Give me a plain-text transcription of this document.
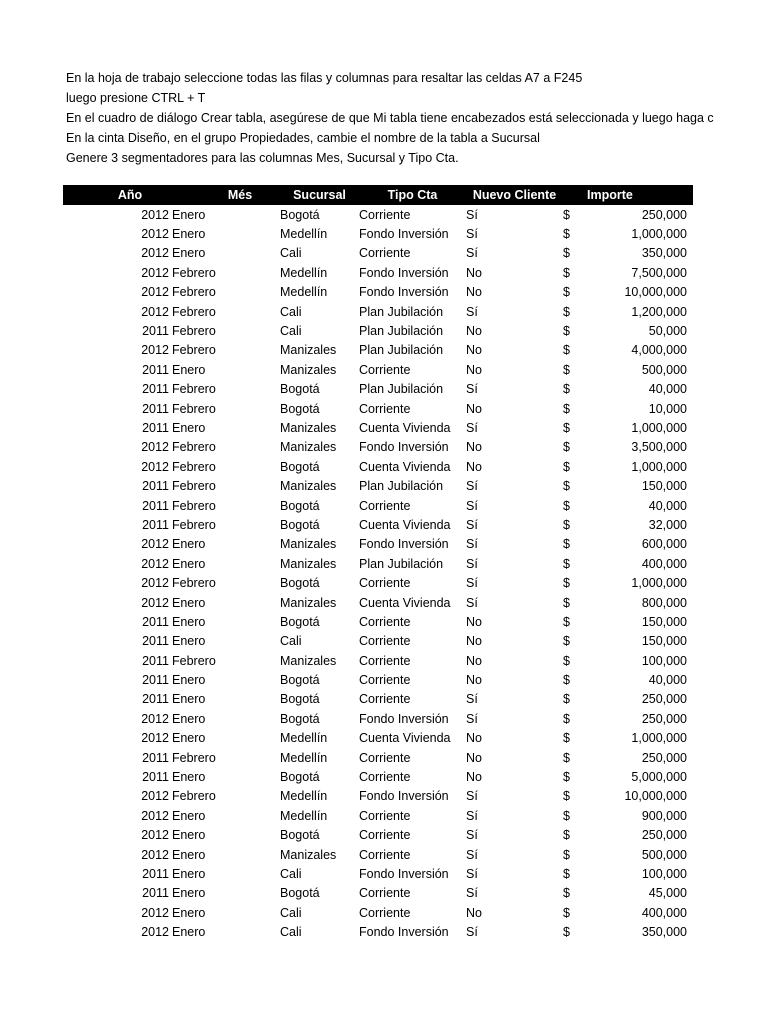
En la hoja de trabajo seleccione todas las filas y columnas para resaltar las celdas A7 a F245
luego presione CTRL + T
En el cuadro de diálogo Crear tabla, asegúrese de que Mi tabla tiene encabezados está seleccionada y luego haga c
En la cinta Diseño, en el grupo Propiedades, cambie el nombre de la tabla a Sucursal
Genere 3 segmentadores para las columnas Mes, Sucursal y Tipo Cta.
Año	Més	Sucursal	Tipo Cta	Nuevo Cliente		Importe
2012	Enero	Bogotá	Corriente	Sí	$	250,000
2012	Enero	Medellín	Fondo Inversión	Sí	$	1,000,000
2012	Enero	Cali	Corriente	Sí	$	350,000
2012	Febrero	Medellín	Fondo Inversión	No	$	7,500,000
2012	Febrero	Medellín	Fondo Inversión	No	$	10,000,000
2012	Febrero	Cali	Plan Jubilación	Sí	$	1,200,000
2011	Febrero	Cali	Plan Jubilación	No	$	50,000
2012	Febrero	Manizales	Plan Jubilación	No	$	4,000,000
2011	Enero	Manizales	Corriente	No	$	500,000
2011	Febrero	Bogotá	Plan Jubilación	Sí	$	40,000
2011	Febrero	Bogotá	Corriente	No	$	10,000
2011	Enero	Manizales	Cuenta Vivienda	Sí	$	1,000,000
2012	Febrero	Manizales	Fondo Inversión	No	$	3,500,000
2012	Febrero	Bogotá	Cuenta Vivienda	No	$	1,000,000
2011	Febrero	Manizales	Plan Jubilación	Sí	$	150,000
2011	Febrero	Bogotá	Corriente	Sí	$	40,000
2011	Febrero	Bogotá	Cuenta Vivienda	Sí	$	32,000
2012	Enero	Manizales	Fondo Inversión	Sí	$	600,000
2012	Enero	Manizales	Plan Jubilación	Sí	$	400,000
2012	Febrero	Bogotá	Corriente	Sí	$	1,000,000
2012	Enero	Manizales	Cuenta Vivienda	Sí	$	800,000
2011	Enero	Bogotá	Corriente	No	$	150,000
2011	Enero	Cali	Corriente	No	$	150,000
2011	Febrero	Manizales	Corriente	No	$	100,000
2011	Enero	Bogotá	Corriente	No	$	40,000
2011	Enero	Bogotá	Corriente	Sí	$	250,000
2012	Enero	Bogotá	Fondo Inversión	Sí	$	250,000
2012	Enero	Medellín	Cuenta Vivienda	No	$	1,000,000
2011	Febrero	Medellín	Corriente	No	$	250,000
2011	Enero	Bogotá	Corriente	No	$	5,000,000
2012	Febrero	Medellín	Fondo Inversión	Sí	$	10,000,000
2012	Enero	Medellín	Corriente	Sí	$	900,000
2012	Enero	Bogotá	Corriente	Sí	$	250,000
2012	Enero	Manizales	Corriente	Sí	$	500,000
2011	Enero	Cali	Fondo Inversión	Sí	$	100,000
2011	Enero	Bogotá	Corriente	Sí	$	45,000
2012	Enero	Cali	Corriente	No	$	400,000
2012	Enero	Cali	Fondo Inversión	Sí	$	350,000
